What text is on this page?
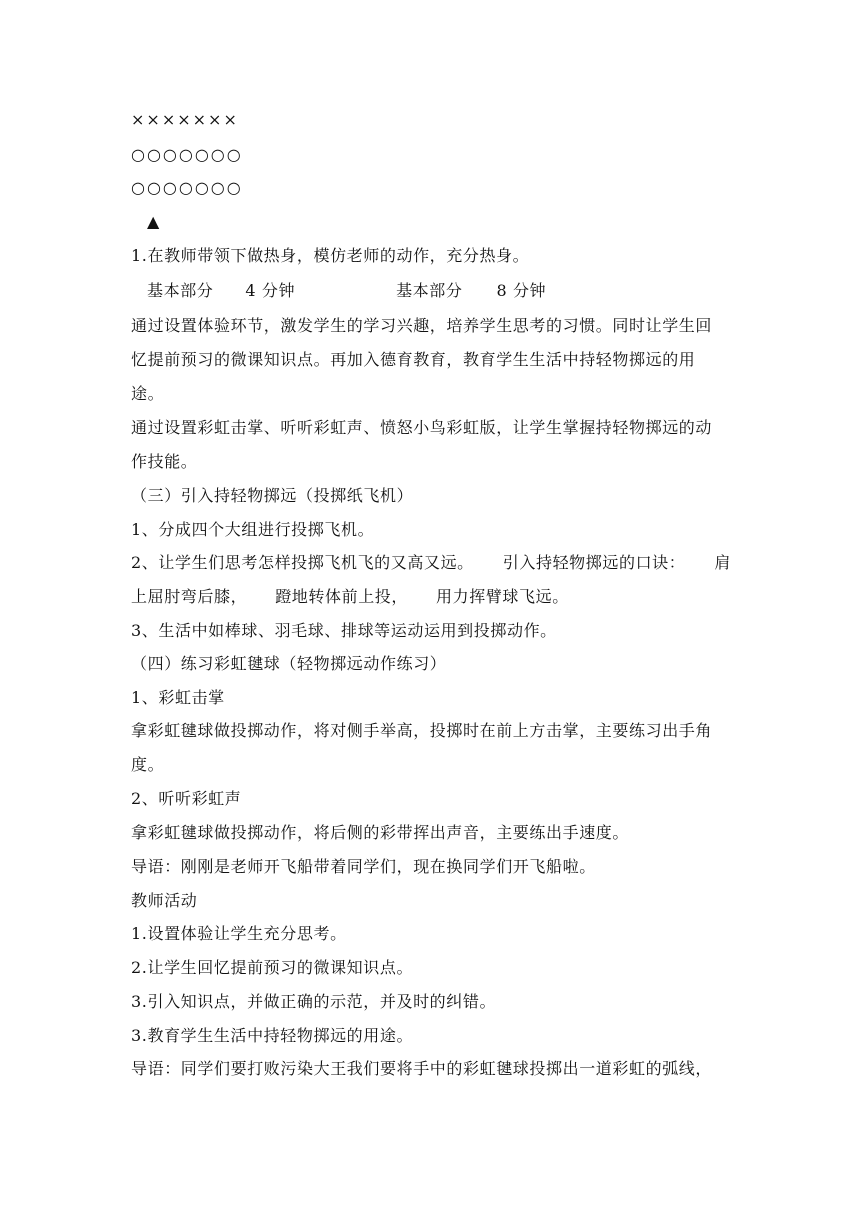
×××××××
○○○○○○○
○○○○○○○
▲
1.在教师带领下做热身，模仿老师的动作，充分热身。
基本部分 4 分钟	基本部分 8 分钟
通过设置体验环节，激发学生的学习兴趣，培养学生思考的习惯。同时让学生回
忆提前预习的微课知识点。再加入德育教育，教育学生生活中持轻物掷远的用
途。
通过设置彩虹击掌、听听彩虹声、愤怒小鸟彩虹版，让学生掌握持轻物掷远的动
作技能。
（三）引入持轻物掷远（投掷纸飞机）
1、分成四个大组进行投掷飞机。
2、让学生们思考怎样投掷飞机飞的又高又远。 引入持轻物掷远的口诀： 肩
上屈肘弯后膝， 蹬地转体前上投， 用力挥臂球飞远。
3、生活中如棒球、羽毛球、排球等运动运用到投掷动作。
（四）练习彩虹毽球（轻物掷远动作练习）
1、彩虹击掌
拿彩虹毽球做投掷动作，将对侧手举高，投掷时在前上方击掌，主要练习出手角
度。
2、听听彩虹声
拿彩虹毽球做投掷动作，将后侧的彩带挥出声音，主要练出手速度。
导语：刚刚是老师开飞船带着同学们，现在换同学们开飞船啦。
教师活动
1.设置体验让学生充分思考。
2.让学生回忆提前预习的微课知识点。
3.引入知识点，并做正确的示范，并及时的纠错。
3.教育学生生活中持轻物掷远的用途。
导语：同学们要打败污染大王我们要将手中的彩虹毽球投掷出一道彩虹的弧线，
